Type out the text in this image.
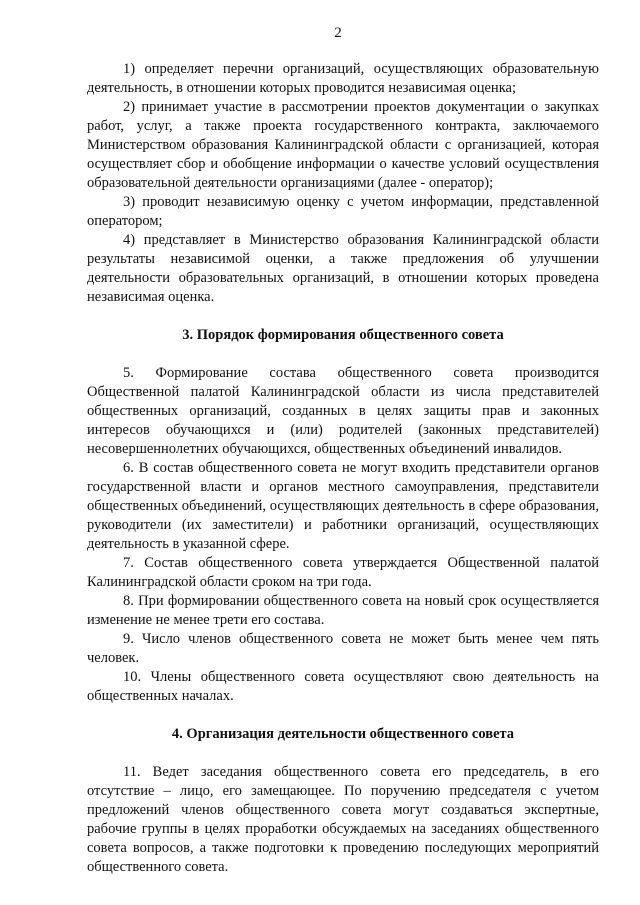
2

1) определяет перечни организаций, осуществляющих образовательную деятельность, в отношении которых проводится независимая оценка;

2) принимает участие в рассмотрении проектов документации о закупках работ, услуг, а также проекта государственного контракта, заключаемого Министерством образования Калининградской области с организацией, которая осуществляет сбор и обобщение информации о качестве условий осуществления образовательной деятельности организациями (далее - оператор);

3) проводит независимую оценку с учетом информации, представленной оператором;

4) представляет в Министерство образования Калининградской области результаты независимой оценки, а также предложения об улучшении деятельности образовательных организаций, в отношении которых проведена независимая оценка.

3. Порядок формирования общественного совета

5. Формирование состава общественного совета производится Общественной палатой Калининградской области из числа представителей общественных организаций, созданных в целях защиты прав и законных интересов обучающихся и (или) родителей (законных представителей) несовершеннолетних обучающихся, общественных объединений инвалидов.

6. В состав общественного совета не могут входить представители органов государственной власти и органов местного самоуправления, представители общественных объединений, осуществляющих деятельность в сфере образования, руководители (их заместители) и работники организаций, осуществляющих деятельность в указанной сфере.

7. Состав общественного совета утверждается Общественной палатой Калининградской области сроком на три года.

8. При формировании общественного совета на новый срок осуществляется изменение не менее трети его состава.

9. Число членов общественного совета не может быть менее чем пять человек.

10. Члены общественного совета осуществляют свою деятельность на общественных началах.

4. Организация деятельности общественного совета

11. Ведет заседания общественного совета его председатель, в его отсутствие – лицо, его замещающее. По поручению председателя с учетом предложений членов общественного совета могут создаваться экспертные, рабочие группы в целях проработки обсуждаемых на заседаниях общественного совета вопросов, а также подготовки к проведению последующих мероприятий общественного совета.
